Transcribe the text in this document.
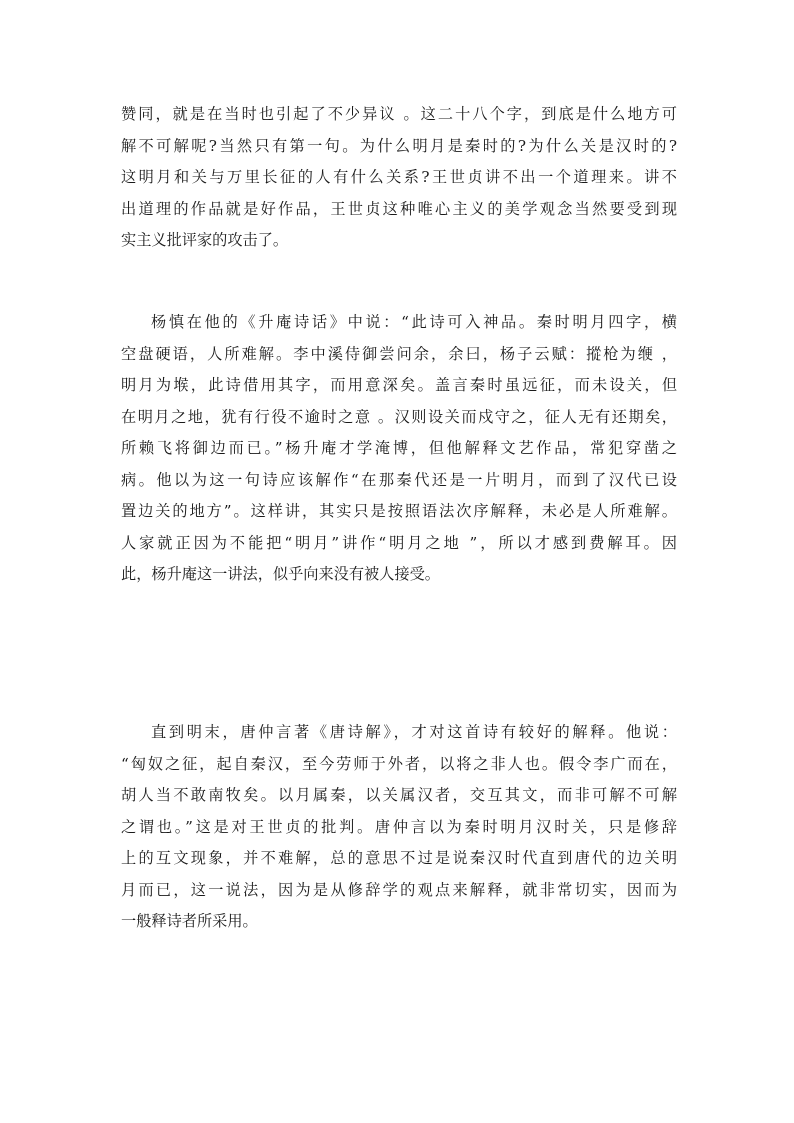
赞同，就是在当时也引起了不少异议 。这二十八个字，到底是什么地方可
解不可解呢?当然只有第一句。为什么明月是秦时的?为什么关是汉时的?
这明月和关与万里长征的人有什么关系?王世贞讲不出一个道理来。讲不
出道理的作品就是好作品，王世贞这种唯心主义的美学观念当然要受到现
实主义批评家的攻击了。

杨慎在他的《升庵诗话》中说：“此诗可入神品。秦时明月四字，横
空盘硬语，人所难解。李中溪侍御尝问余，余曰，杨子云赋：摐枪为缏 ，
明月为堠，此诗借用其字，而用意深矣。盖言秦时虽远征，而未设关，但
在明月之地，犹有行役不逾时之意 。汉则设关而戍守之，征人无有还期矣，
所赖飞将御边而已。”杨升庵才学淹博，但他解释文艺作品，常犯穿凿之
病。他以为这一句诗应该解作“在那秦代还是一片明月，而到了汉代已设
置边关的地方”。这样讲，其实只是按照语法次序解释，未必是人所难解。
人家就正因为不能把“明月”讲作“明月之地 ”，所以才感到费解耳。因
此，杨升庵这一讲法，似乎向来没有被人接受。

直到明末，唐仲言著《唐诗解》，才对这首诗有较好的解释。他说：
“匈奴之征，起自秦汉，至今劳师于外者，以将之非人也。假令李广而在，
胡人当不敢南牧矣。以月属秦，以关属汉者，交互其文，而非可解不可解
之谓也。”这是对王世贞的批判。唐仲言以为秦时明月汉时关，只是修辞
上的互文现象，并不难解，总的意思不过是说秦汉时代直到唐代的边关明
月而已，这一说法，因为是从修辞学的观点来解释，就非常切实，因而为
一般释诗者所采用。
